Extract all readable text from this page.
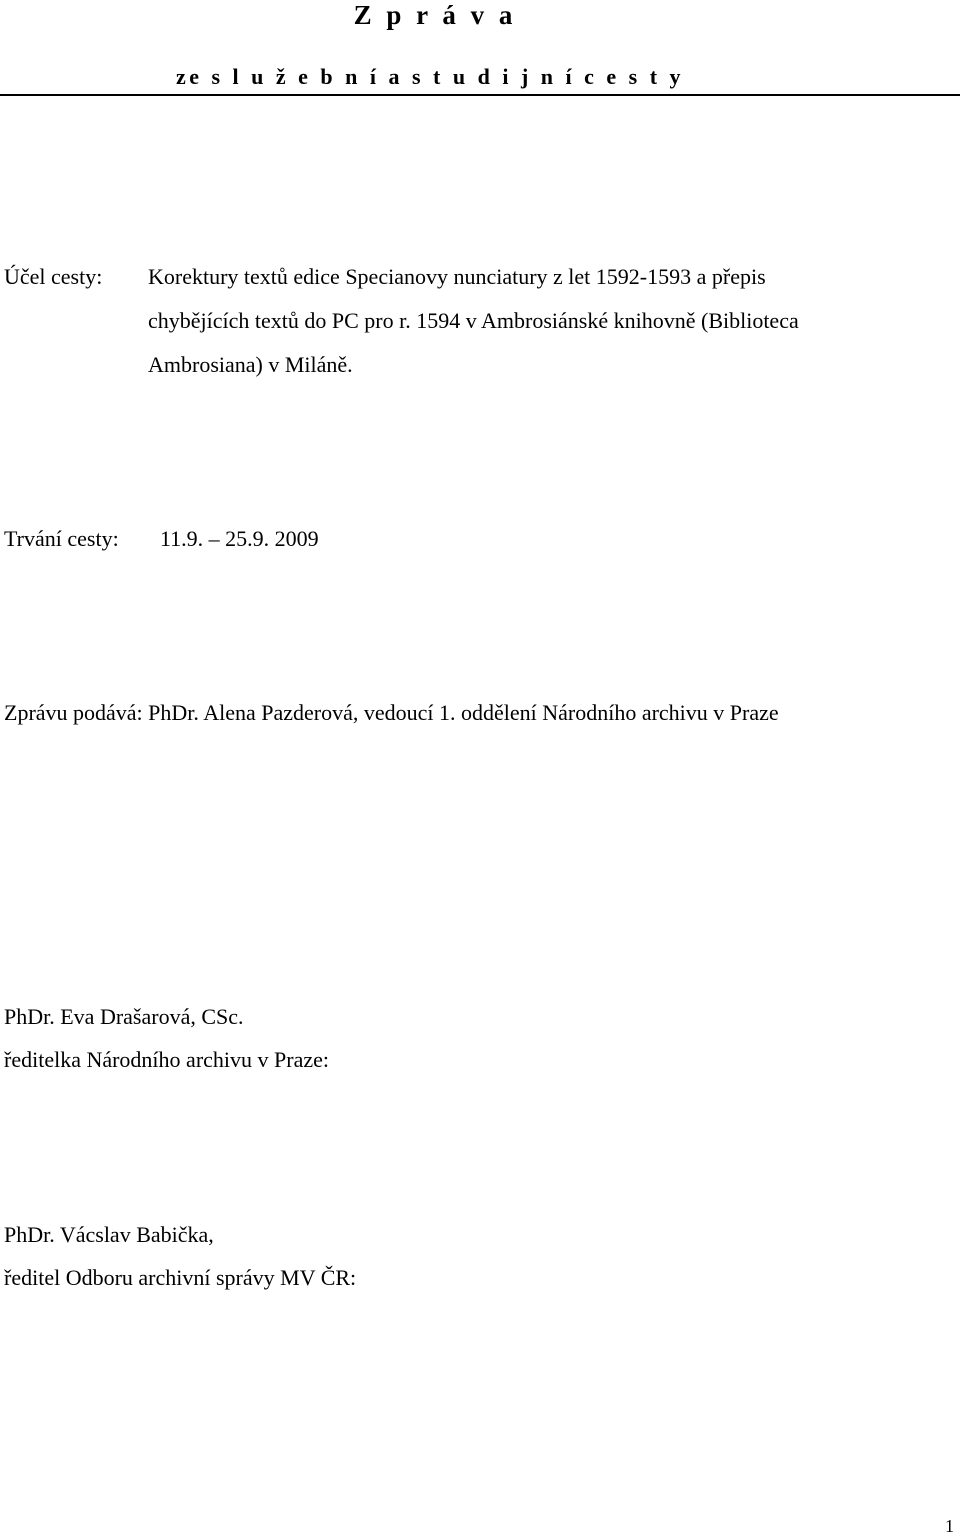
Z p r á v a
ze s l u ž e b n í a s t u d i j n í c e s t y
Účel cesty: Korektury textů edice Specianovy nunciatury z let 1592-1593 a přepis
chybějících textů do PC pro r. 1594 v Ambrosiánské knihovně (Biblioteca
Ambrosiana) v Miláně.
Trvání cesty: 11.9. – 25.9. 2009
Zprávu podává: PhDr. Alena Pazderová, vedoucí 1. oddělení Národního archivu v Praze
PhDr. Eva Drašarová, CSc.
ředitelka Národního archivu v Praze:
PhDr. Vácslav Babička,
ředitel Odboru archivní správy MV ČR:
1
